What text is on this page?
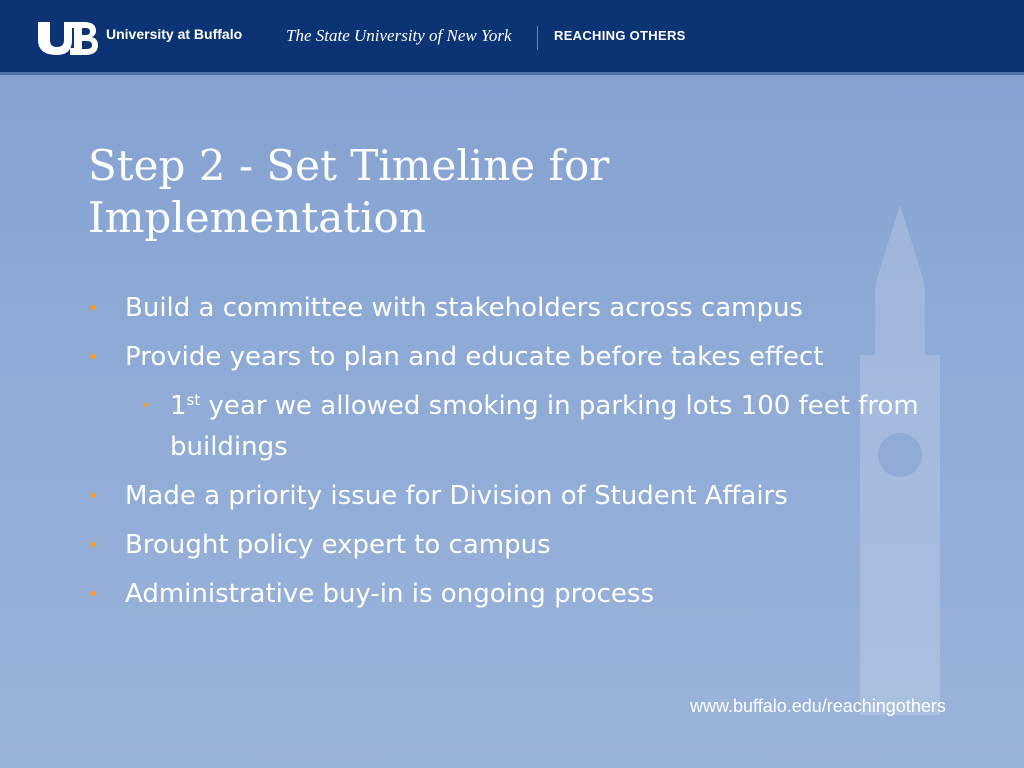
University at Buffalo	The State University of New York	REACHING OTHERS
Step 2 - Set Timeline for Implementation
• Build a committee with stakeholders across campus
• Provide years to plan and educate before takes effect
• 1st year we allowed smoking in parking lots 100 feet from buildings
• Made a priority issue for Division of Student Affairs
• Brought policy expert to campus
• Administrative buy-in is ongoing process
www.buffalo.edu/reachingothers
